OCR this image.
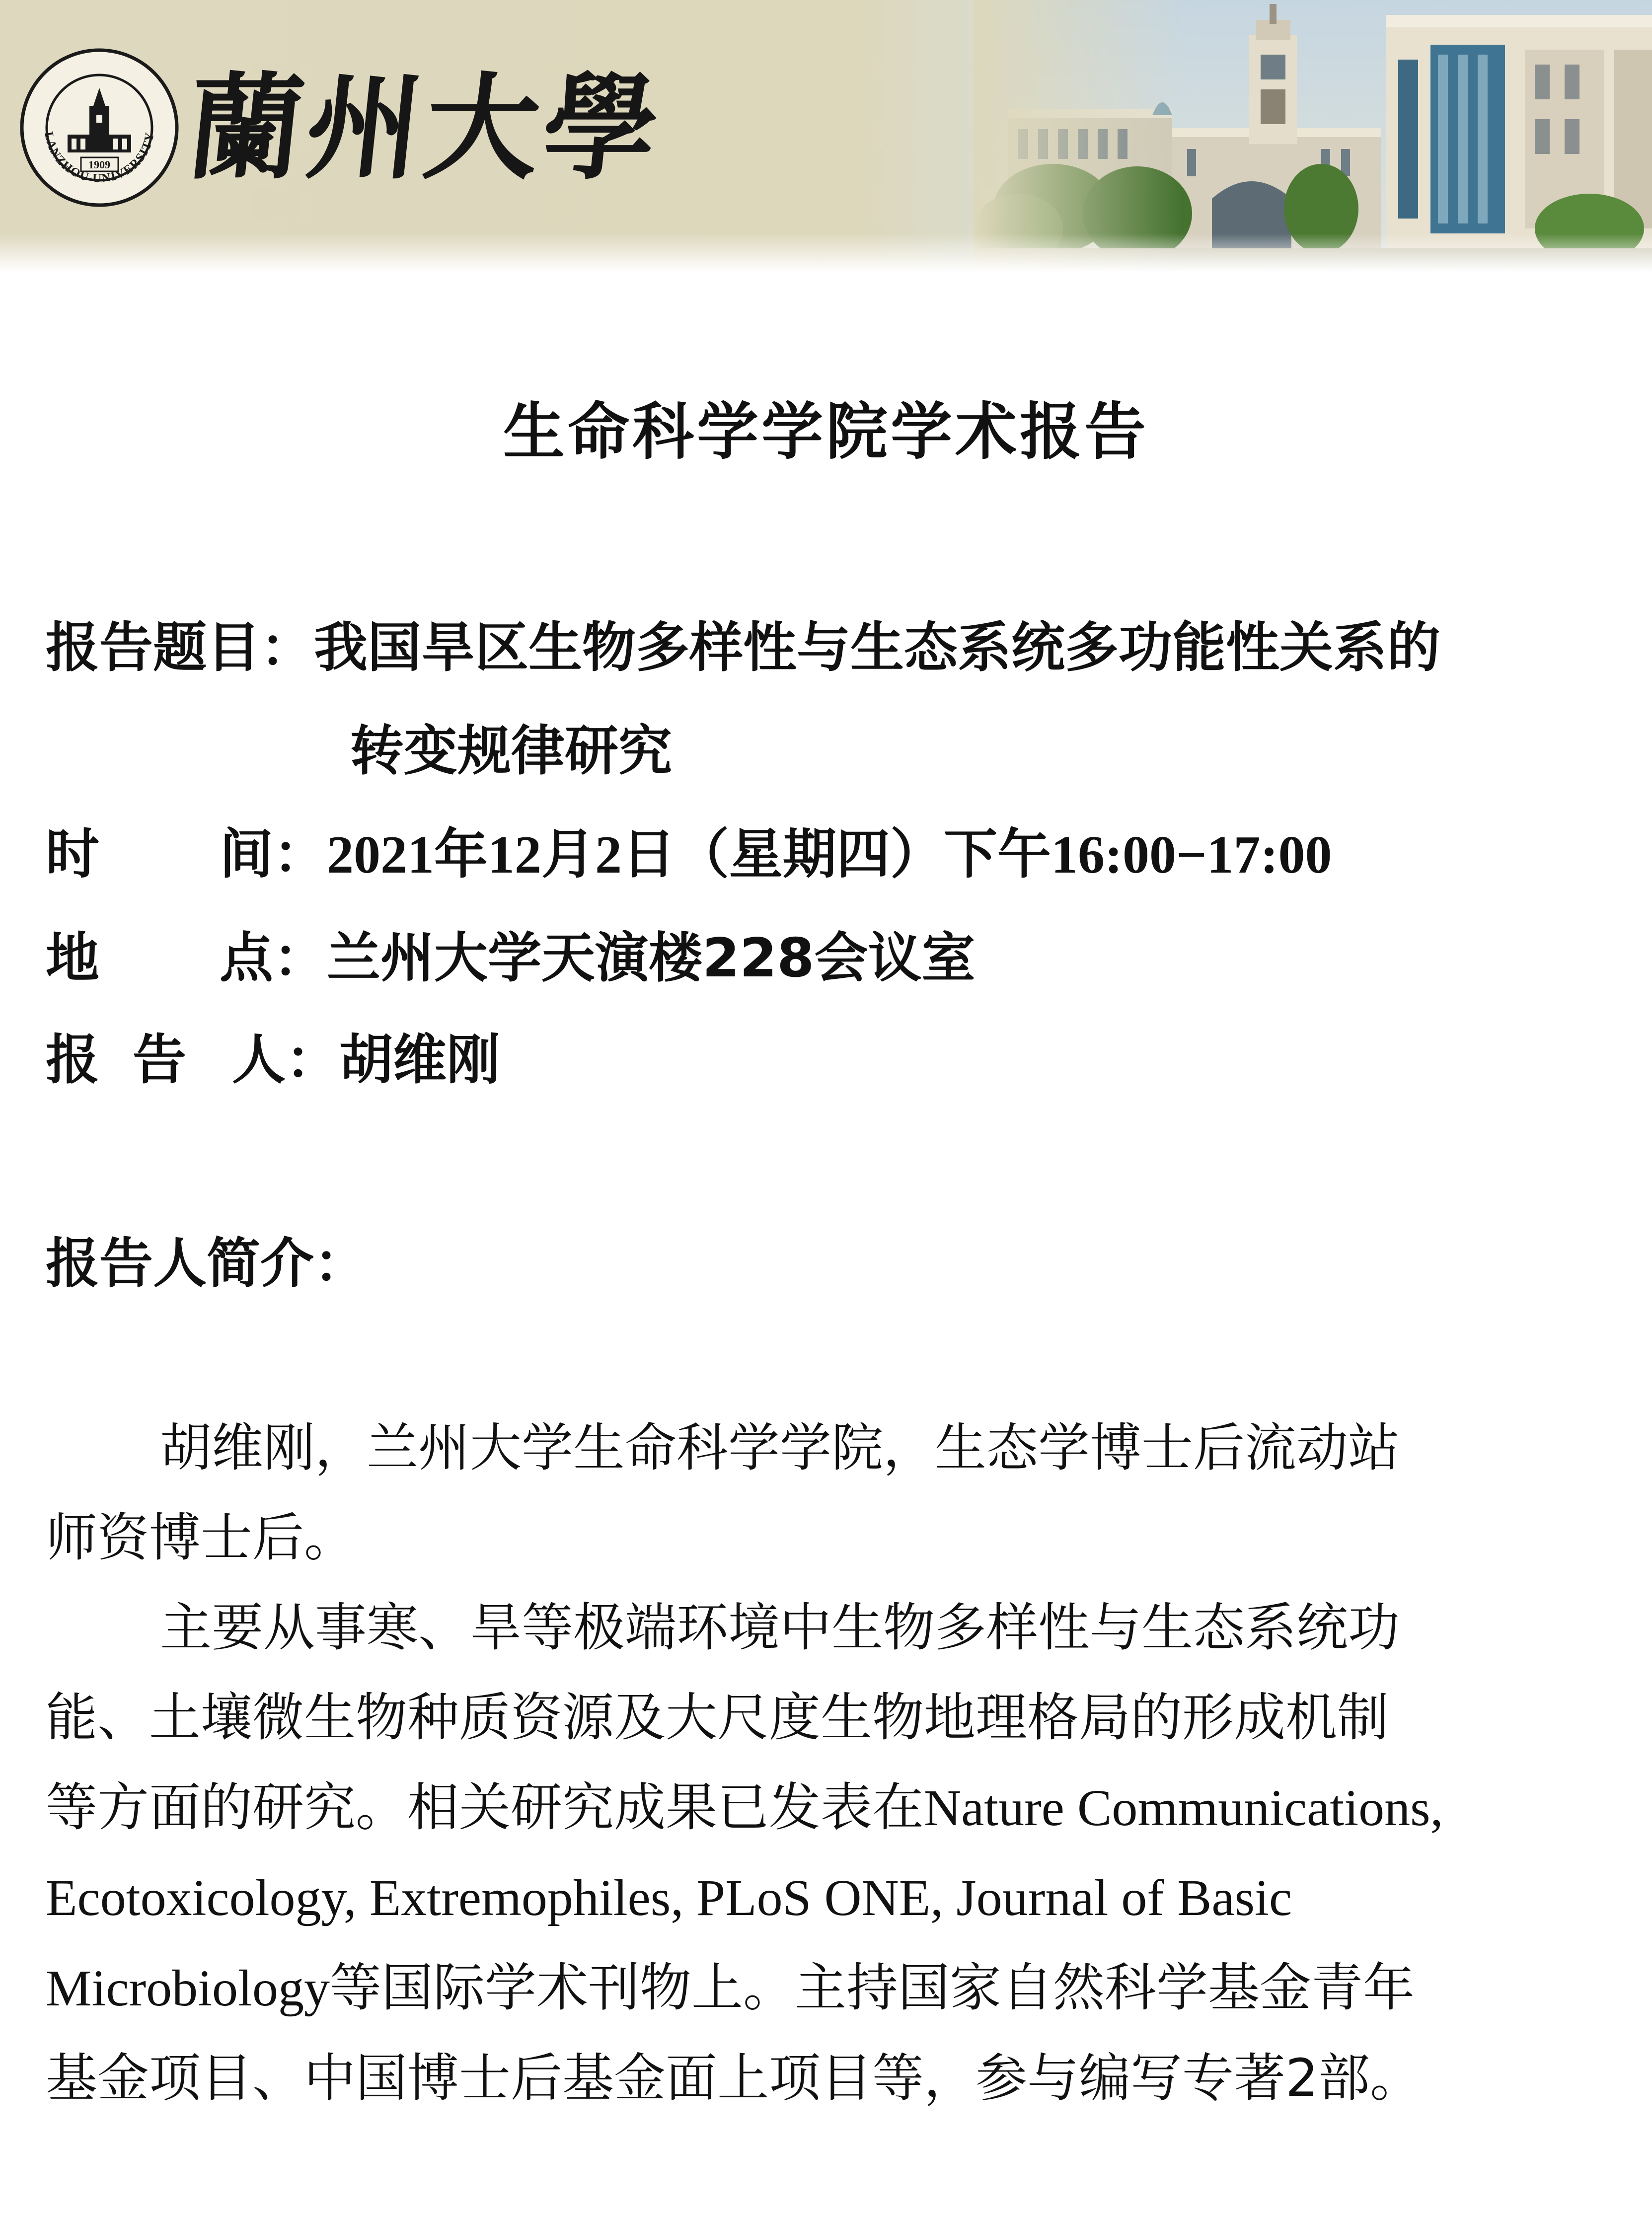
1909
LANZHOU UNIVERSITY 蘭州大學
生命科学学院学术报告
报告题目：我国旱区生物多样性与生态系统多功能性关系的
转变规律研究
时 间：2021年12月2日（星期四）下午16:00−17:00
地 点：兰州大学天演楼228会议室
报 告 人：胡维刚
报告人简介：
胡维刚，兰州大学生命科学学院，生态学博士后流动站
师资博士后。
主要从事寒、旱等极端环境中生物多样性与生态系统功
能、土壤微生物种质资源及大尺度生物地理格局的形成机制
等方面的研究。相关研究成果已发表在Nature Communications,
Ecotoxicology, Extremophiles, PLoS ONE, Journal of Basic
Microbiology等国际学术刊物上。主持国家自然科学基金青年
基金项目、中国博士后基金面上项目等，参与编写专著2部。
